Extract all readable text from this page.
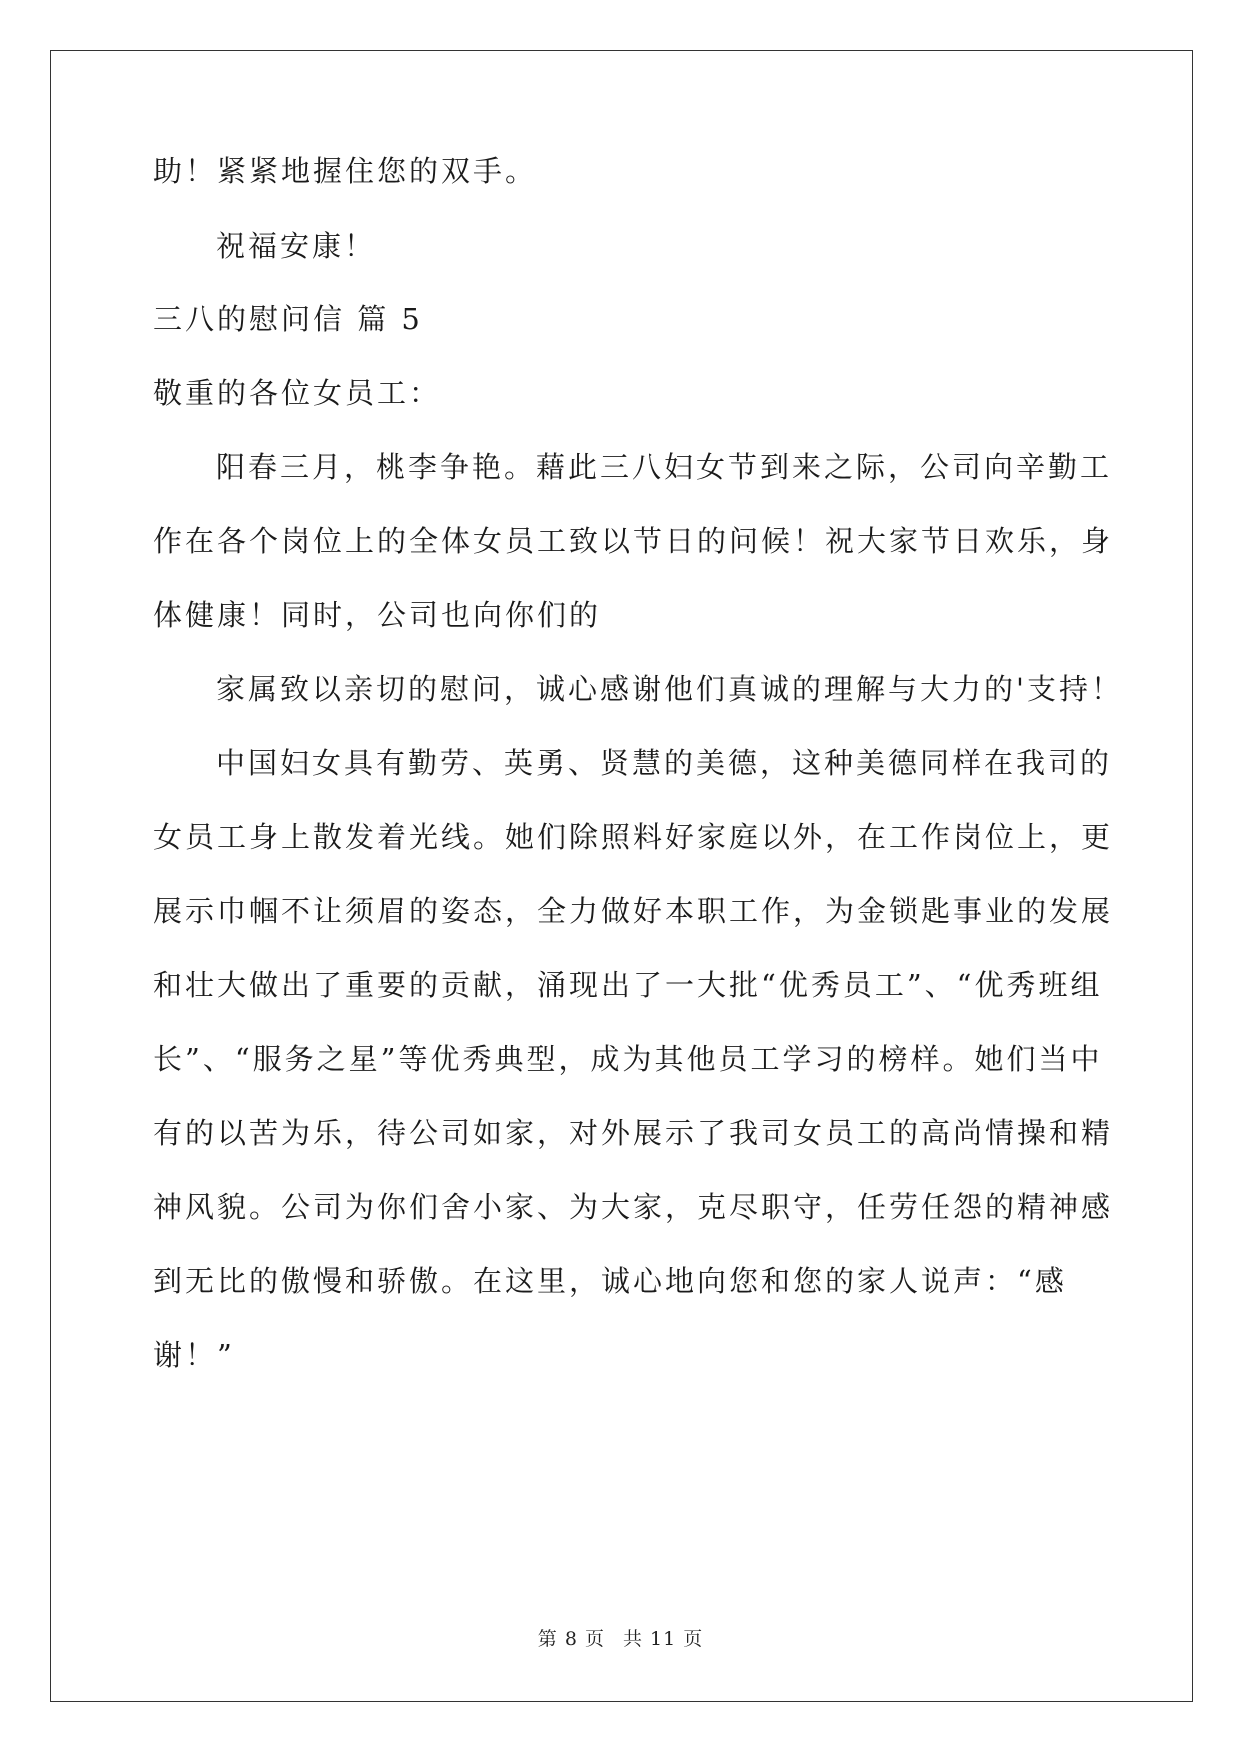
助！紧紧地握住您的双手。
祝福安康！
三八的慰问信 篇 5
敬重的各位女员工：
阳春三月，桃李争艳。藉此三八妇女节到来之际，公司向辛勤工
作在各个岗位上的全体女员工致以节日的问候！祝大家节日欢乐，身
体健康！同时，公司也向你们的
家属致以亲切的慰问，诚心感谢他们真诚的理解与大力的'支持！
中国妇女具有勤劳、英勇、贤慧的美德，这种美德同样在我司的
女员工身上散发着光线。她们除照料好家庭以外，在工作岗位上，更
展示巾帼不让须眉的姿态，全力做好本职工作，为金锁匙事业的发展
和壮大做出了重要的贡献，涌现出了一大批“优秀员工”、“优秀班组
长”、“服务之星”等优秀典型，成为其他员工学习的榜样。她们当中
有的以苦为乐，待公司如家，对外展示了我司女员工的高尚情操和精
神风貌。公司为你们舍小家、为大家，克尽职守，任劳任怨的精神感
到无比的傲慢和骄傲。在这里，诚心地向您和您的家人说声：“感
谢！”
第 8 页 共 11 页
